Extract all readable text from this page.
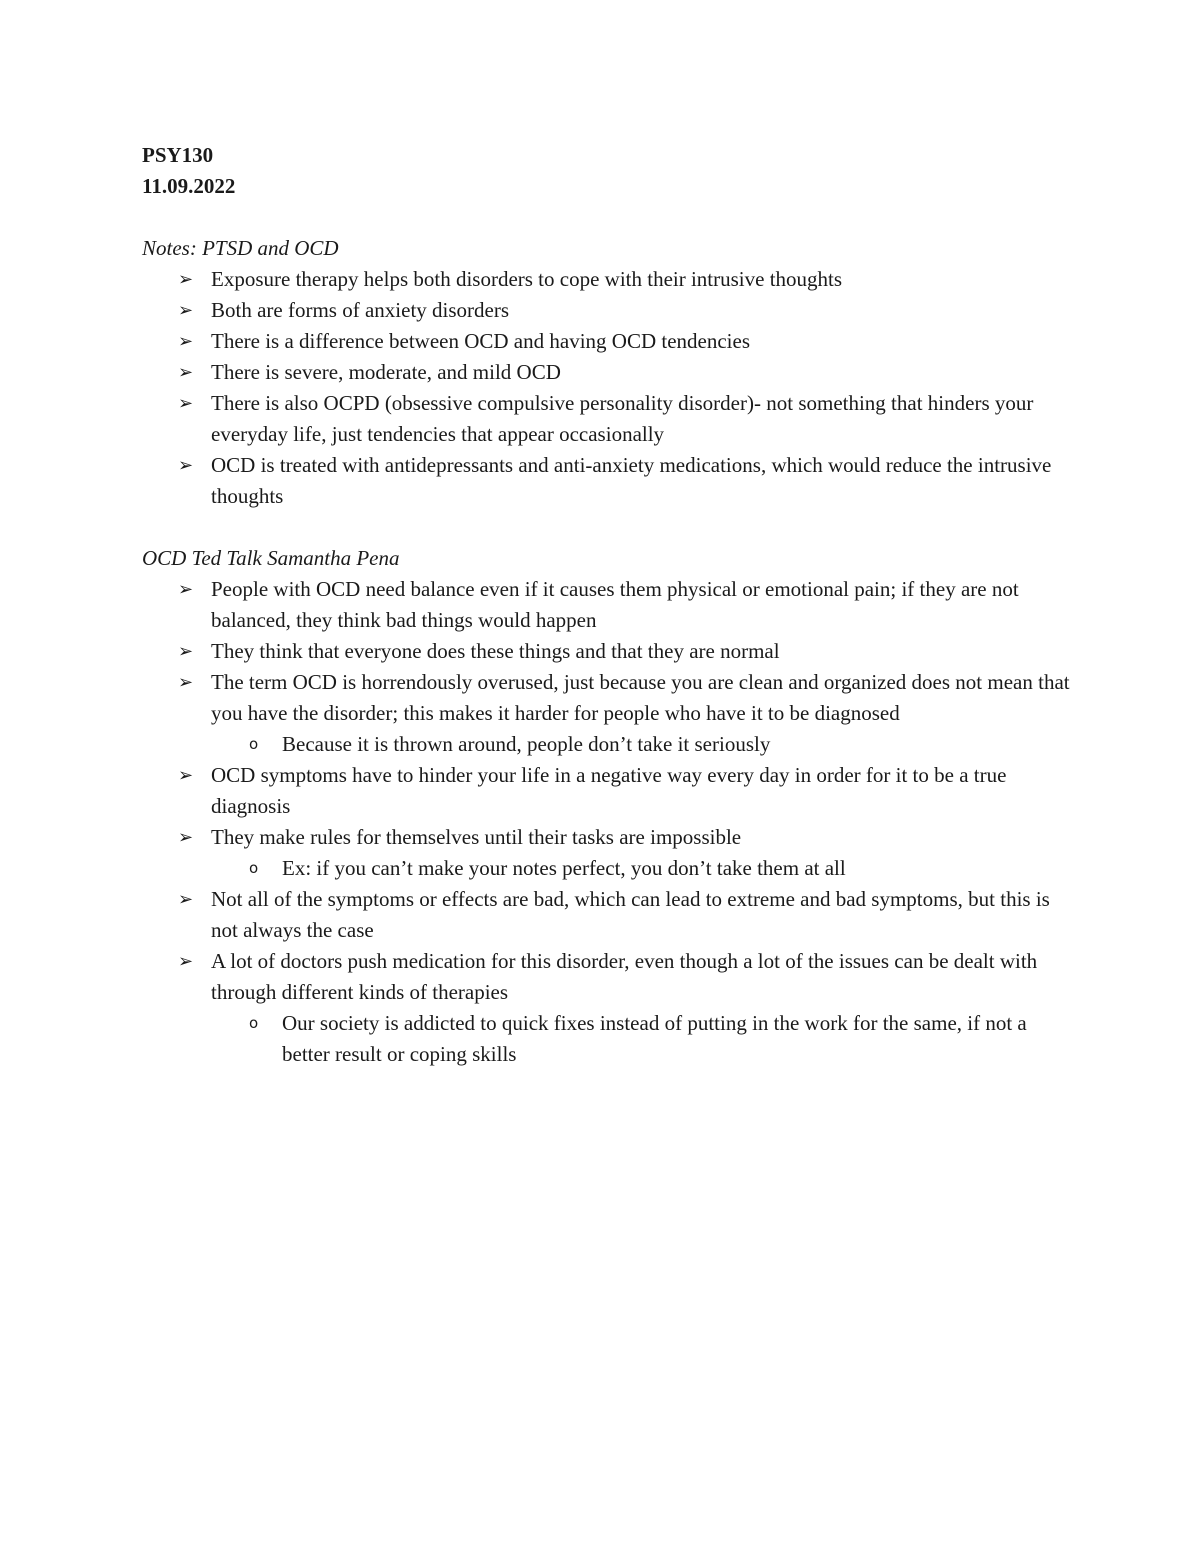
PSY130
11.09.2022
Notes: PTSD and OCD
➢ Exposure therapy helps both disorders to cope with their intrusive thoughts
➢ Both are forms of anxiety disorders
➢ There is a difference between OCD and having OCD tendencies
➢ There is severe, moderate, and mild OCD
➢ There is also OCPD (obsessive compulsive personality disorder)- not something that hinders your everyday life, just tendencies that appear occasionally
➢ OCD is treated with antidepressants and anti-anxiety medications, which would reduce the intrusive thoughts
OCD Ted Talk Samantha Pena
➢ People with OCD need balance even if it causes them physical or emotional pain; if they are not balanced, they think bad things would happen
➢ They think that everyone does these things and that they are normal
➢ The term OCD is horrendously overused, just because you are clean and organized does not mean that you have the disorder; this makes it harder for people who have it to be diagnosed
o Because it is thrown around, people don’t take it seriously
➢ OCD symptoms have to hinder your life in a negative way every day in order for it to be a true diagnosis
➢ They make rules for themselves until their tasks are impossible
o Ex: if you can’t make your notes perfect, you don’t take them at all
➢ Not all of the symptoms or effects are bad, which can lead to extreme and bad symptoms, but this is not always the case
➢ A lot of doctors push medication for this disorder, even though a lot of the issues can be dealt with through different kinds of therapies
o Our society is addicted to quick fixes instead of putting in the work for the same, if not a better result or coping skills
